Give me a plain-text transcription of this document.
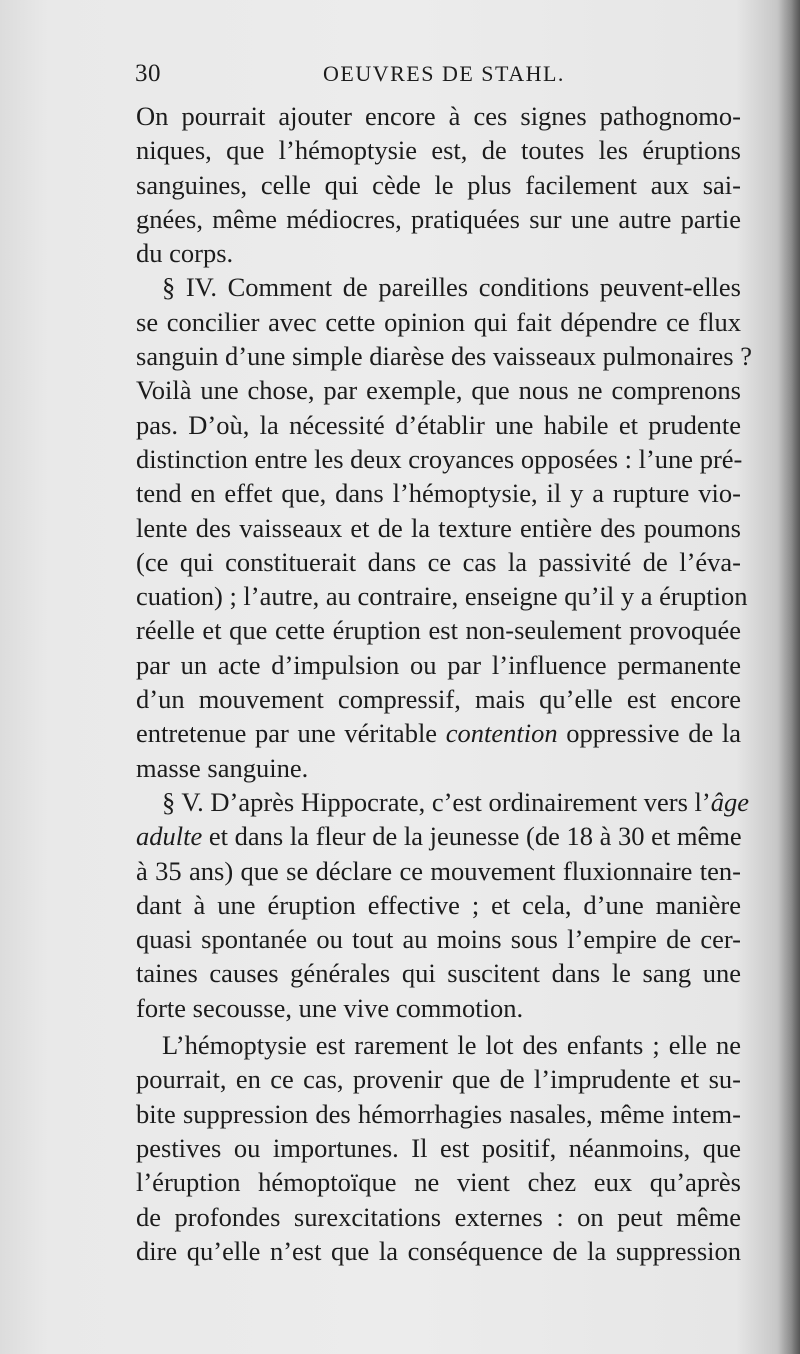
30	OEUVRES DE STAHL.
On pourrait ajouter encore à ces signes pathognomo-
niques, que l’hémoptysie est, de toutes les éruptions
sanguines, celle qui cède le plus facilement aux sai-
gnées, même médiocres, pratiquées sur une autre partie
du corps.
§ IV. Comment de pareilles conditions peuvent-elles
se concilier avec cette opinion qui fait dépendre ce flux
sanguin d’une simple diarèse des vaisseaux pulmonaires ?
Voilà une chose, par exemple, que nous ne comprenons
pas. D’où, la nécessité d’établir une habile et prudente
distinction entre les deux croyances opposées : l’une pré-
tend en effet que, dans l’hémoptysie, il y a rupture vio-
lente des vaisseaux et de la texture entière des poumons
(ce qui constituerait dans ce cas la passivité de l’éva-
cuation) ; l’autre, au contraire, enseigne qu’il y a éruption
réelle et que cette éruption est non-seulement provoquée
par un acte d’impulsion ou par l’influence permanente
d’un mouvement compressif, mais qu’elle est encore
entretenue par une véritable contention oppressive de la
masse sanguine.
§ V. D’après Hippocrate, c’est ordinairement vers l’âge
adulte et dans la fleur de la jeunesse (de 18 à 30 et même
à 35 ans) que se déclare ce mouvement fluxionnaire ten-
dant à une éruption effective ; et cela, d’une manière
quasi spontanée ou tout au moins sous l’empire de cer-
taines causes générales qui suscitent dans le sang une
forte secousse, une vive commotion.
L’hémoptysie est rarement le lot des enfants ; elle ne
pourrait, en ce cas, provenir que de l’imprudente et su-
bite suppression des hémorrhagies nasales, même intem-
pestives ou importunes. Il est positif, néanmoins, que
l’éruption hémoptoïque ne vient chez eux qu’après
de profondes surexcitations externes : on peut même
dire qu’elle n’est que la conséquence de la suppression
